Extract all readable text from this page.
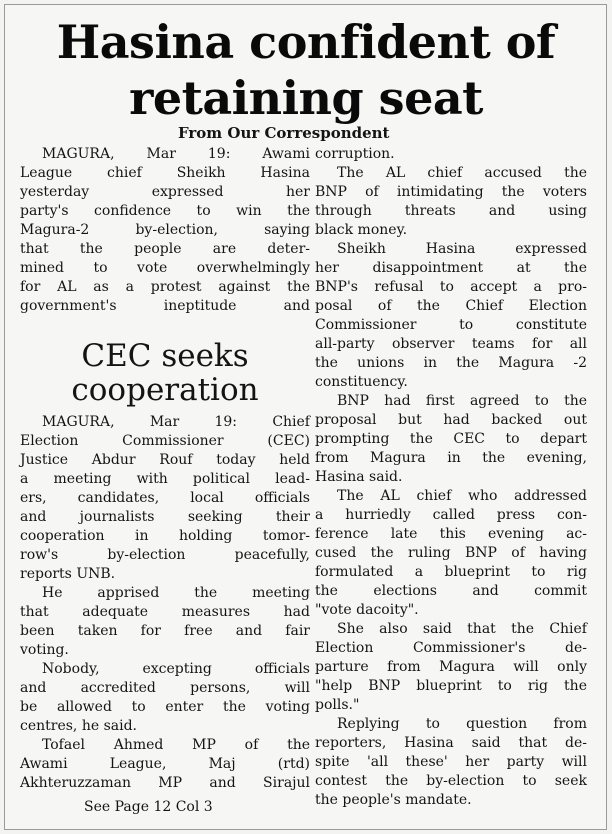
Hasina confident of
retaining seat

From Our Correspondent

MAGURA, Mar 19: Awami
League chief Sheikh Hasina
yesterday expressed her
party's confidence to win the
Magura-2 by-election, saying
that the people are deter-
mined to vote overwhelmingly
for AL as a protest against the
government's ineptitude and
corruption.
The AL chief accused the
BNP of intimidating the voters
through threats and using
black money.
Sheikh Hasina expressed
her disappointment at the
BNP's refusal to accept a pro-
posal of the Chief Election
Commissioner to constitute
all-party observer teams for all
the unions in the Magura -2
constituency.
BNP had first agreed to the
proposal but had backed out
prompting the CEC to depart
from Magura in the evening,
Hasina said.
The AL chief who addressed
a hurriedly called press con-
ference late this evening ac-
cused the ruling BNP of having
formulated a blueprint to rig
the elections and commit
"vote dacoity".
She also said that the Chief
Election Commissioner's de-
parture from Magura will only
"help BNP blueprint to rig the
polls."
Replying to question from
reporters, Hasina said that de-
spite 'all these' her party will
contest the by-election to seek
the people's mandate.
CEC seeks
cooperation
MAGURA, Mar 19: Chief
Election Commissioner (CEC)
Justice Abdur Rouf today held
a meeting with political lead-
ers, candidates, local officials
and journalists seeking their
cooperation in holding tomor-
row's by-election peacefully,
reports UNB.
He apprised the meeting
that adequate measures had
been taken for free and fair
voting.
Nobody, excepting officials
and accredited persons, will
be allowed to enter the voting
centres, he said.
Tofael Ahmed MP of the
Awami League, Maj (rtd)
Akhteruzzaman MP and Sirajul

See Page 12 Col 3
